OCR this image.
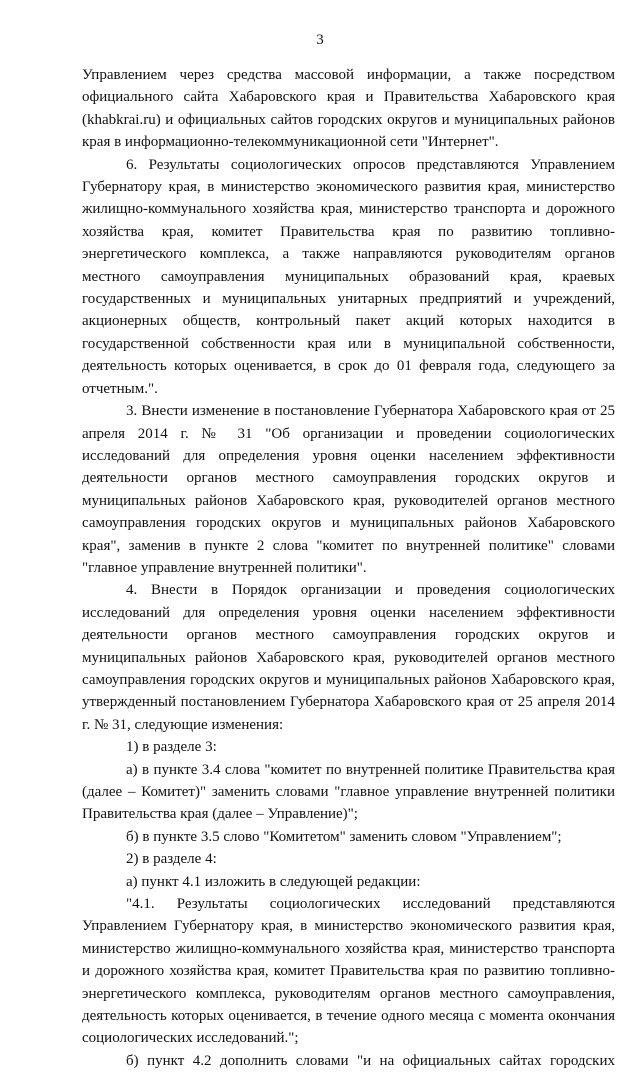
3

Управлением через средства массовой информации, а также посредством официального сайта Хабаровского края и Правительства Хабаровского края (khabkrai.ru) и официальных сайтов городских округов и муниципальных районов края в информационно-телекоммуникационной сети "Интернет".

6. Результаты социологических опросов представляются Управлением Губернатору края, в министерство экономического развития края, министерство жилищно-коммунального хозяйства края, министерство транспорта и дорожного хозяйства края, комитет Правительства края по развитию топливно-энергетического комплекса, а также направляются руководителям органов местного самоуправления муниципальных образований края, краевых государственных и муниципальных унитарных предприятий и учреждений, акционерных обществ, контрольный пакет акций которых находится в государственной собственности края или в муниципальной собственности, деятельность которых оценивается, в срок до 01 февраля года, следующего за отчетным.".

3. Внести изменение в постановление Губернатора Хабаровского края от 25 апреля 2014 г. № 31 "Об организации и проведении социологических исследований для определения уровня оценки населением эффективности деятельности органов местного самоуправления городских округов и муниципальных районов Хабаровского края, руководителей органов местного самоуправления городских округов и муниципальных районов Хабаровского края", заменив в пункте 2 слова "комитет по внутренней политике" словами "главное управление внутренней политики".

4. Внести в Порядок организации и проведения социологических исследований для определения уровня оценки населением эффективности деятельности органов местного самоуправления городских округов и муниципальных районов Хабаровского края, руководителей органов местного самоуправления городских округов и муниципальных районов Хабаровского края, утвержденный постановлением Губернатора Хабаровского края от 25 апреля 2014 г. № 31, следующие изменения:

1) в разделе 3:

а) в пункте 3.4 слова "комитет по внутренней политике Правительства края (далее – Комитет)" заменить словами "главное управление внутренней политики Правительства края (далее – Управление)";

б) в пункте 3.5 слово "Комитетом" заменить словом "Управлением";

2) в разделе 4:

а) пункт 4.1 изложить в следующей редакции:

"4.1. Результаты социологических исследований представляются Управлением Губернатору края, в министерство экономического развития края, министерство жилищно-коммунального хозяйства края, министерство транспорта и дорожного хозяйства края, комитет Правительства края по развитию топливно-энергетического комплекса, руководителям органов местного самоуправления, деятельность которых оценивается, в течение одного месяца с момента окончания социологических исследований.";

б) пункт 4.2 дополнить словами "и на официальных сайтах городских
